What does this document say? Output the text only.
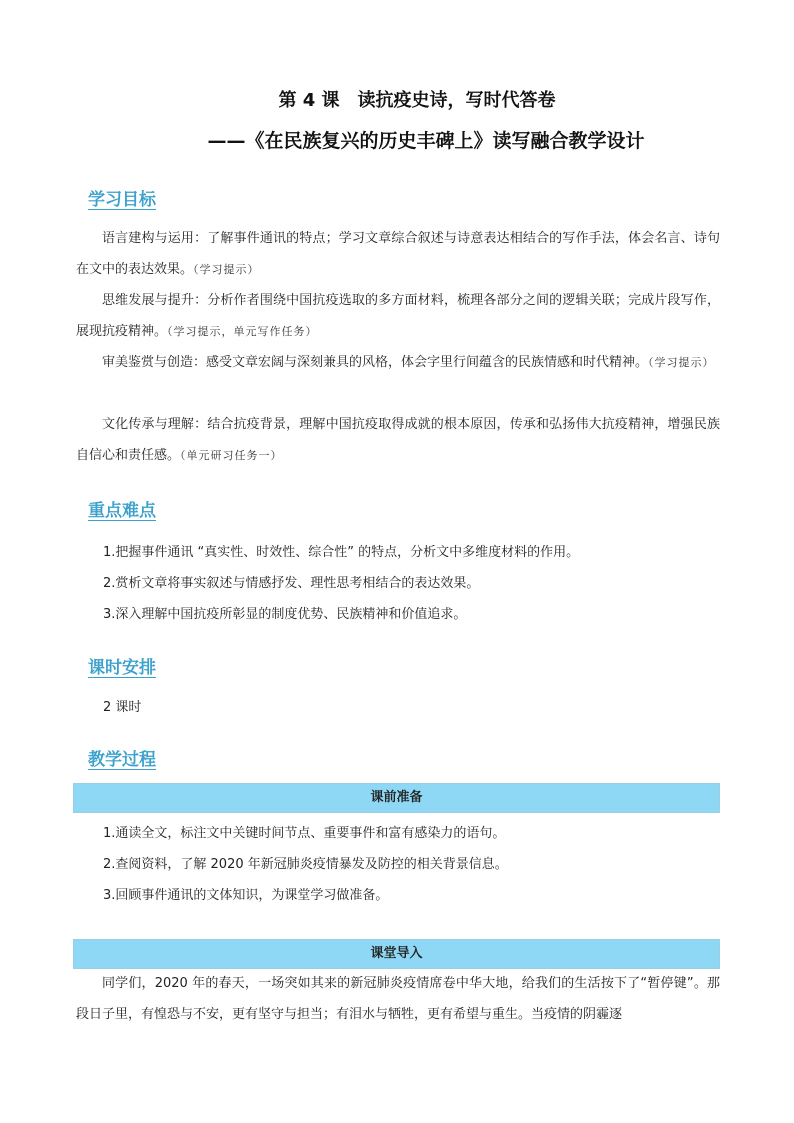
第 4 课　读抗疫史诗，写时代答卷
——《在民族复兴的历史丰碑上》读写融合教学设计
学习目标
语言建构与运用：了解事件通讯的特点；学习文章综合叙述与诗意表达相结合的写作手法，体会名言、诗句在文中的表达效果。（学习提示）
思维发展与提升：分析作者围绕中国抗疫选取的多方面材料，梳理各部分之间的逻辑关联；完成片段写作，展现抗疫精神。（学习提示，单元写作任务）
审美鉴赏与创造：感受文章宏阔与深刻兼具的风格，体会字里行间蕴含的民族情感和时代精神。（学习提示）
文化传承与理解：结合抗疫背景，理解中国抗疫取得成就的根本原因，传承和弘扬伟大抗疫精神，增强民族自信心和责任感。（单元研习任务一）
重点难点
1.把握事件通讯 “真实性、时效性、综合性” 的特点，分析文中多维度材料的作用。
2.赏析文章将事实叙述与情感抒发、理性思考相结合的表达效果。
3.深入理解中国抗疫所彰显的制度优势、民族精神和价值追求。
课时安排
2 课时
教学过程
课前准备
1.通读全文，标注文中关键时间节点、重要事件和富有感染力的语句。
2.查阅资料，了解 2020 年新冠肺炎疫情暴发及防控的相关背景信息。
3.回顾事件通讯的文体知识，为课堂学习做准备。
课堂导入
同学们，2020 年的春天，一场突如其来的新冠肺炎疫情席卷中华大地，给我们的生活按下了“暂停键”。那段日子里，有惶恐与不安，更有坚守与担当；有泪水与牺牲，更有希望与重生。当疫情的阴霾逐
